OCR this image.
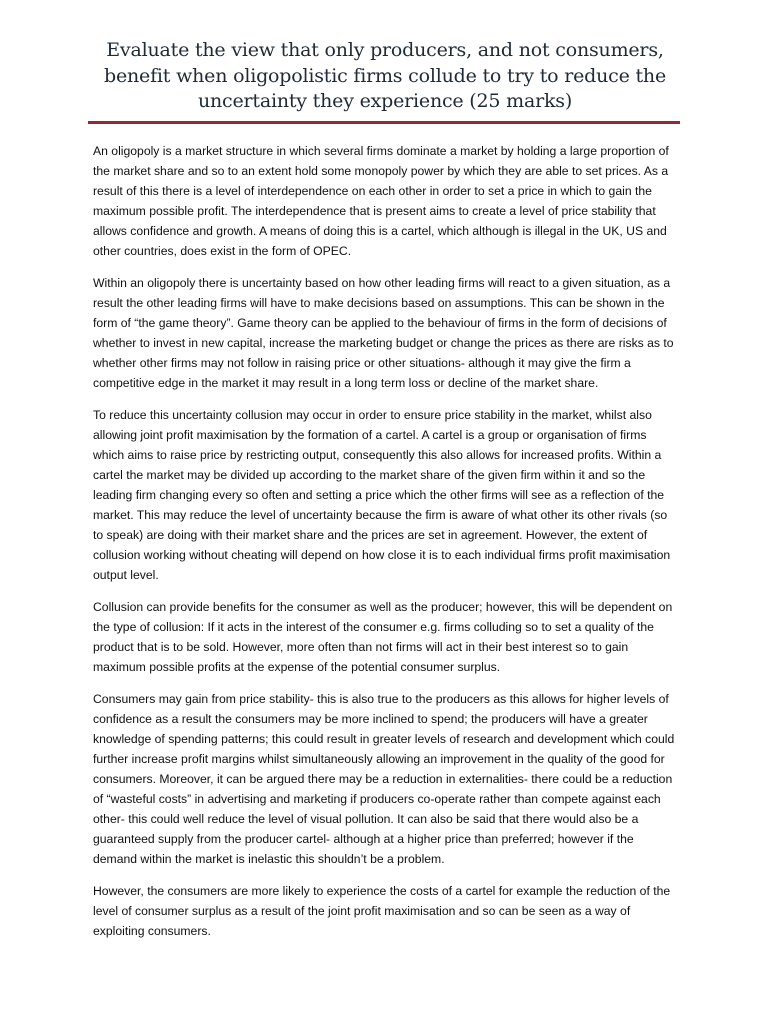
Evaluate the view that only producers, and not consumers, benefit when oligopolistic firms collude to try to reduce the uncertainty they experience (25 marks)

An oligopoly is a market structure in which several firms dominate a market by holding a large proportion of the market share and so to an extent hold some monopoly power by which they are able to set prices. As a result of this there is a level of interdependence on each other in order to set a price in which to gain the maximum possible profit. The interdependence that is present aims to create a level of price stability that allows confidence and growth. A means of doing this is a cartel, which although is illegal in the UK, US and other countries, does exist in the form of OPEC.

Within an oligopoly there is uncertainty based on how other leading firms will react to a given situation, as a result the other leading firms will have to make decisions based on assumptions. This can be shown in the form of “the game theory”. Game theory can be applied to the behaviour of firms in the form of decisions of whether to invest in new capital, increase the marketing budget or change the prices as there are risks as to whether other firms may not follow in raising price or other situations- although it may give the firm a competitive edge in the market it may result in a long term loss or decline of the market share.

To reduce this uncertainty collusion may occur in order to ensure price stability in the market, whilst also allowing joint profit maximisation by the formation of a cartel. A cartel is a group or organisation of firms which aims to raise price by restricting output, consequently this also allows for increased profits. Within a cartel the market may be divided up according to the market share of the given firm within it and so the leading firm changing every so often and setting a price which the other firms will see as a reflection of the market. This may reduce the level of uncertainty because the firm is aware of what other its other rivals (so to speak) are doing with their market share and the prices are set in agreement. However, the extent of collusion working without cheating will depend on how close it is to each individual firms profit maximisation output level.

Collusion can provide benefits for the consumer as well as the producer; however, this will be dependent on the type of collusion: If it acts in the interest of the consumer e.g. firms colluding so to set a quality of the product that is to be sold. However, more often than not firms will act in their best interest so to gain maximum possible profits at the expense of the potential consumer surplus.

Consumers may gain from price stability- this is also true to the producers as this allows for higher levels of confidence as a result the consumers may be more inclined to spend; the producers will have a greater knowledge of spending patterns; this could result in greater levels of research and development which could further increase profit margins whilst simultaneously allowing an improvement in the quality of the good for consumers. Moreover, it can be argued there may be a reduction in externalities- there could be a reduction of “wasteful costs” in advertising and marketing if producers co-operate rather than compete against each other- this could well reduce the level of visual pollution. It can also be said that there would also be a guaranteed supply from the producer cartel- although at a higher price than preferred; however if the demand within the market is inelastic this shouldn’t be a problem.

However, the consumers are more likely to experience the costs of a cartel for example the reduction of the level of consumer surplus as a result of the joint profit maximisation and so can be seen as a way of exploiting consumers.
